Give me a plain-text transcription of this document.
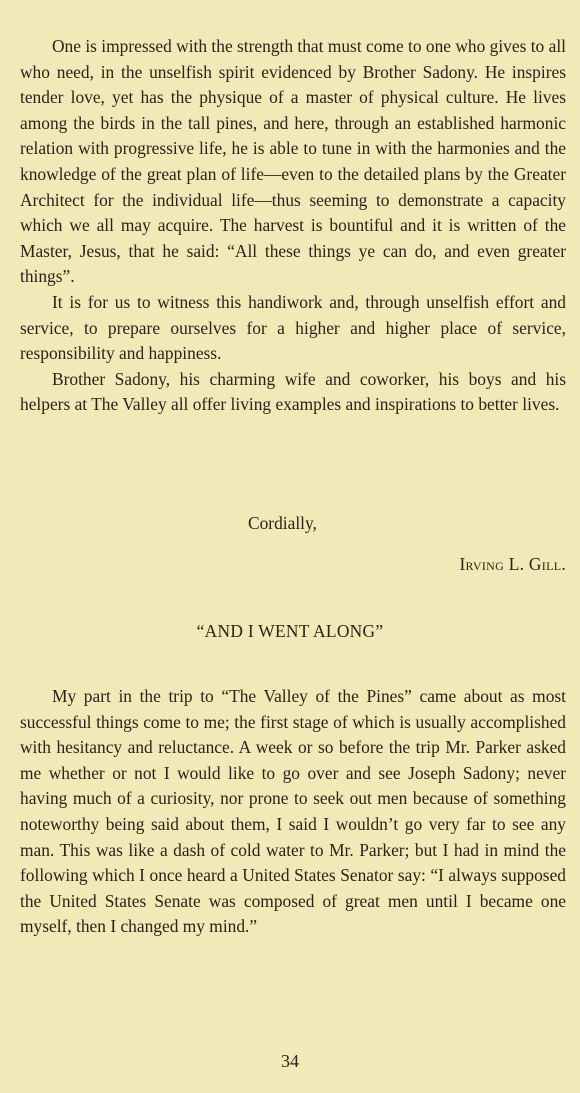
One is impressed with the strength that must come to one who gives to all who need, in the unselfish spirit evidenced by Brother Sadony. He inspires tender love, yet has the physique of a master of physical culture. He lives among the birds in the tall pines, and here, through an established harmonic relation with progressive life, he is able to tune in with the harmonies and the knowledge of the great plan of life—even to the detailed plans by the Greater Architect for the individual life—thus seeming to demonstrate a capacity which we all may acquire. The harvest is bountiful and it is written of the Master, Jesus, that he said: “All these things ye can do, and even greater things”.

It is for us to witness this handiwork and, through unselfish effort and service, to prepare ourselves for a higher and higher place of service, responsibility and happiness.

Brother Sadony, his charming wife and coworker, his boys and his helpers at The Valley all offer living examples and inspirations to better lives.

Cordially,
Irving L. Gill.
“AND I WENT ALONG”

My part in the trip to “The Valley of the Pines” came about as most successful things come to me; the first stage of which is usually accomplished with hesitancy and reluctance. A week or so before the trip Mr. Parker asked me whether or not I would like to go over and see Joseph Sadony; never having much of a curiosity, nor prone to seek out men because of something noteworthy being said about them, I said I wouldn’t go very far to see any man. This was like a dash of cold water to Mr. Parker; but I had in mind the following which I once heard a United States Senator say: “I always supposed the United States Senate was composed of great men until I became one myself, then I changed my mind.”

34
